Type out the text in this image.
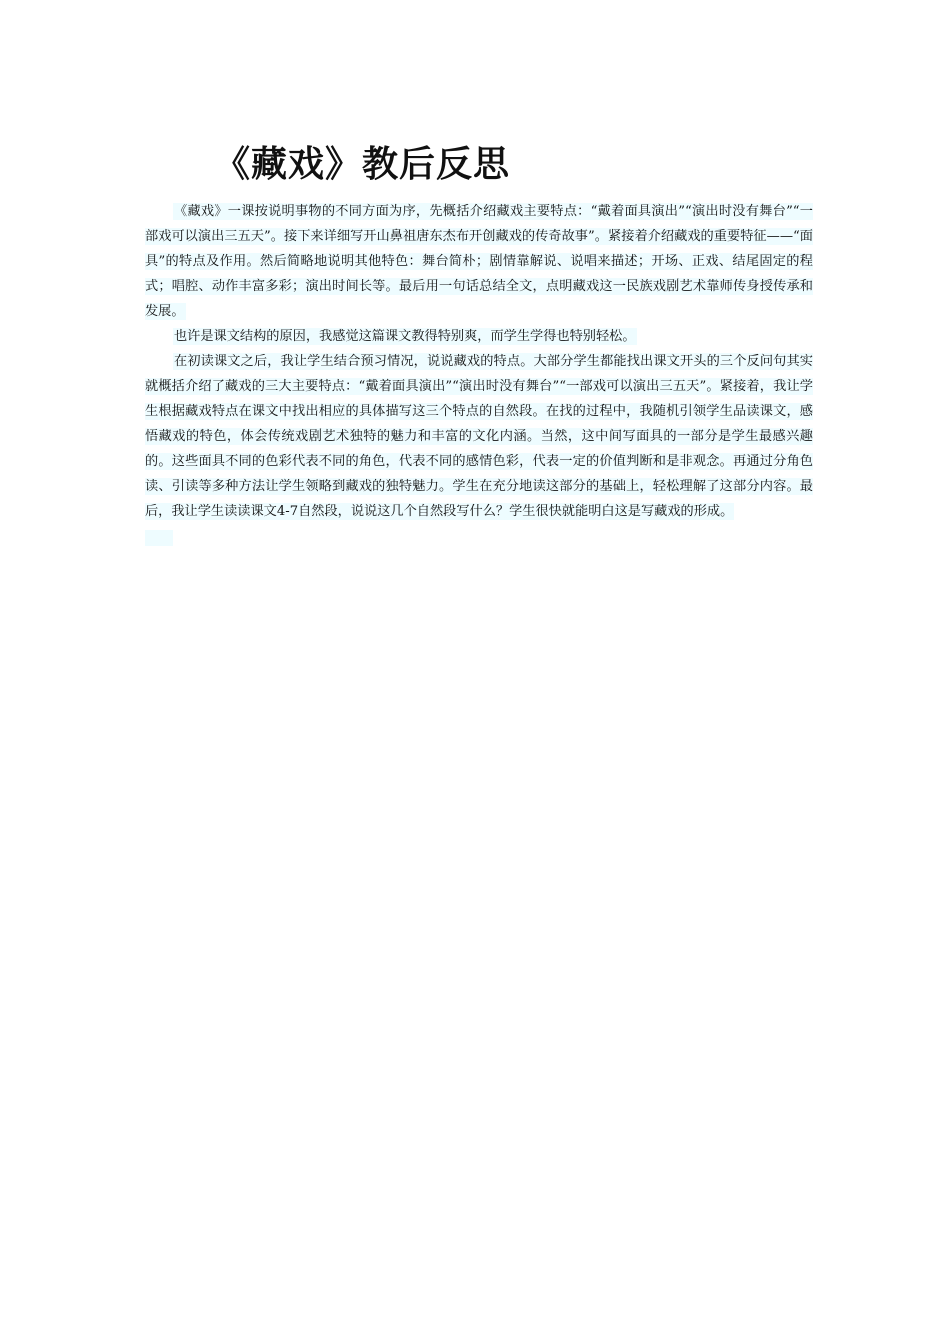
《藏戏》教后反思

《藏戏》一课按说明事物的不同方面为序，先概括介绍藏戏主要特点：“戴着面具演出”“演出时没有舞台”“一部戏可以演出三五天”。接下来详细写开山鼻祖唐东杰布开创藏戏的传奇故事”。紧接着介绍藏戏的重要特征——“面具”的特点及作用。然后简略地说明其他特色：舞台简朴；剧情靠解说、说唱来描述；开场、正戏、结尾固定的程式；唱腔、动作丰富多彩；演出时间长等。最后用一句话总结全文，点明藏戏这一民族戏剧艺术靠师传身授传承和发展。

也许是课文结构的原因，我感觉这篇课文教得特别爽，而学生学得也特别轻松。

在初读课文之后，我让学生结合预习情况，说说藏戏的特点。大部分学生都能找出课文开头的三个反问句其实就概括介绍了藏戏的三大主要特点：“戴着面具演出”“演出时没有舞台”“一部戏可以演出三五天”。紧接着，我让学生根据藏戏特点在课文中找出相应的具体描写这三个特点的自然段。在找的过程中，我随机引领学生品读课文，感悟藏戏的特色，体会传统戏剧艺术独特的魅力和丰富的文化内涵。当然，这中间写面具的一部分是学生最感兴趣的。这些面具不同的色彩代表不同的角色，代表不同的感情色彩，代表一定的价值判断和是非观念。再通过分角色读、引读等多种方法让学生领略到藏戏的独特魅力。学生在充分地读这部分的基础上，轻松理解了这部分内容。最后，我让学生读读课文4-7自然段，说说这几个自然段写什么？学生很快就能明白这是写藏戏的形成。
